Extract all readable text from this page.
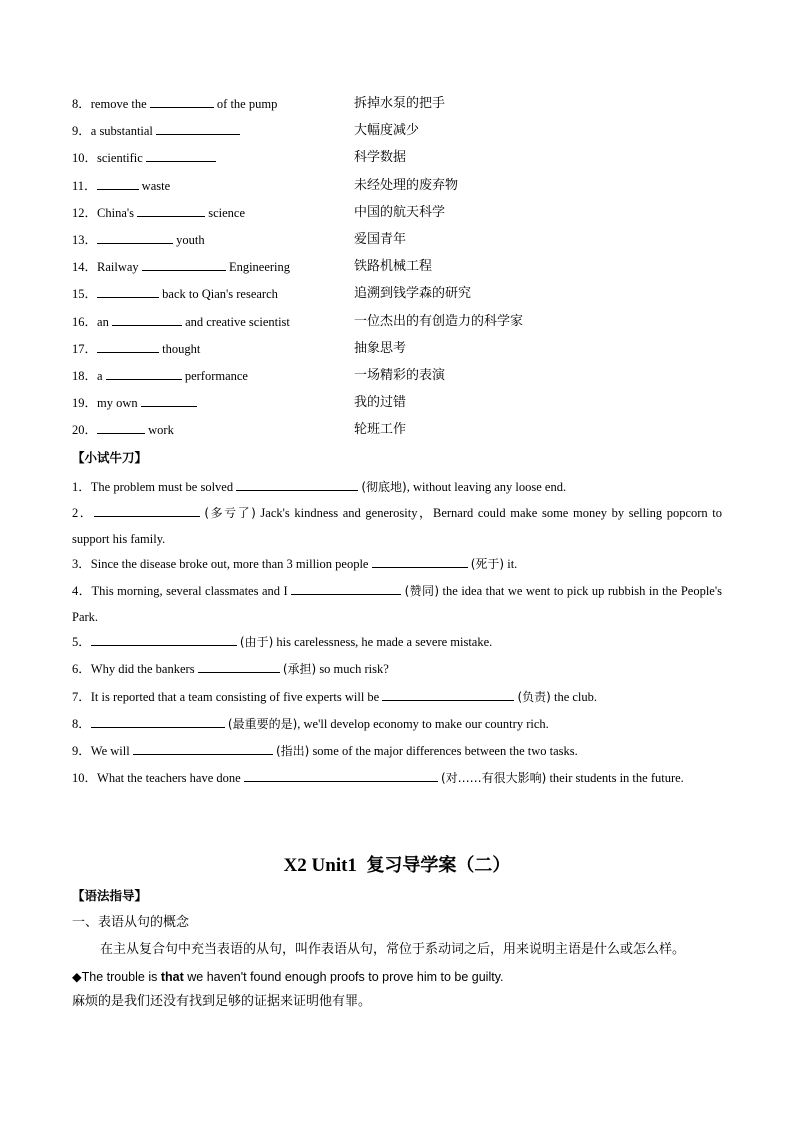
8．remove the	of the pump	拆掉水泵的把手
9．a substantial	大幅度减少
10．scientific	科学数据
11．	waste	未经处理的废弃物
12．China's	science	中国的航天科学
13．	youth	爱国青年
14．Railway	Engineering	铁路机械工程
15．	back to Qian's research	追溯到钱学森的研究
16．an	and creative scientist	一位杰出的有创造力的科学家
17．	thought	抽象思考
18．a	performance	一场精彩的表演
19．my own	我的过错
20．	work	轮班工作
【小试牛刀】
1．The problem must be solved	(彻底地), without leaving any loose end.
2．	(多亏了) Jack's kindness and generosity，Bernard could make some money by selling popcorn to support his family.
3．Since the disease broke out, more than 3 million people	(死于) it.
4．This morning, several classmates and I	(赞同) the idea that we went to pick up rubbish in the People's Park.
5．	(由于) his carelessness, he made a severe mistake.
6．Why did the bankers	(承担) so much risk?
7．It is reported that a team consisting of five experts will be	(负责) the club.
8．	(最重要的是), we'll develop economy to make our country rich.
9．We will	(指出) some of the major differences between the two tasks.
10．What the teachers have done	(对……有很大影响) their students in the future.
X2 Unit1 复习导学案（二）
【语法指导】
一、表语从句的概念
在主从复合句中充当表语的从句，叫作表语从句，常位于系动词之后，用来说明主语是什么或怎么样。
◆The trouble is that we haven't found enough proofs to prove him to be guilty.
麻烦的是我们还没有找到足够的证据来证明他有罪。
